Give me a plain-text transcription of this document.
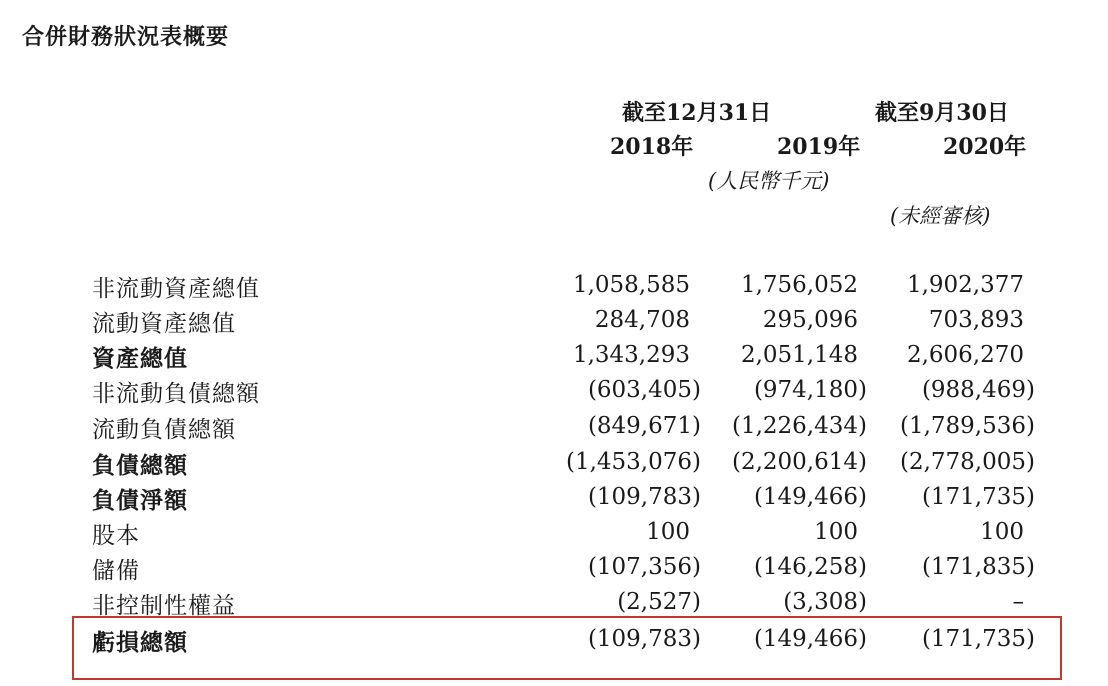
合併財務狀況表概要
截至12月31日	截至9月30日
2018年	2019年	2020年
(人民幣千元)
(未經審核)
非流動資產總值	1,058,585 1,756,052 1,902,377
流動資產總值	284,708	295,096	703,893
資產總值	1,343,293 2,051,148 2,606,270
非流動負債總額	(603,405) (974,180) (988,469)
流動負債總額	(849,671) (1,226,434) (1,789,536)
負債總額	(1,453,076) (2,200,614) (2,778,005)
負債淨額	(109,783) (149,466) (171,735)
股本	100	100	100
儲備	(107,356) (146,258) (171,835)
非控制性權益	(2,527)	(3,308)	–
虧損總額	(109,783) (149,466) (171,735)
